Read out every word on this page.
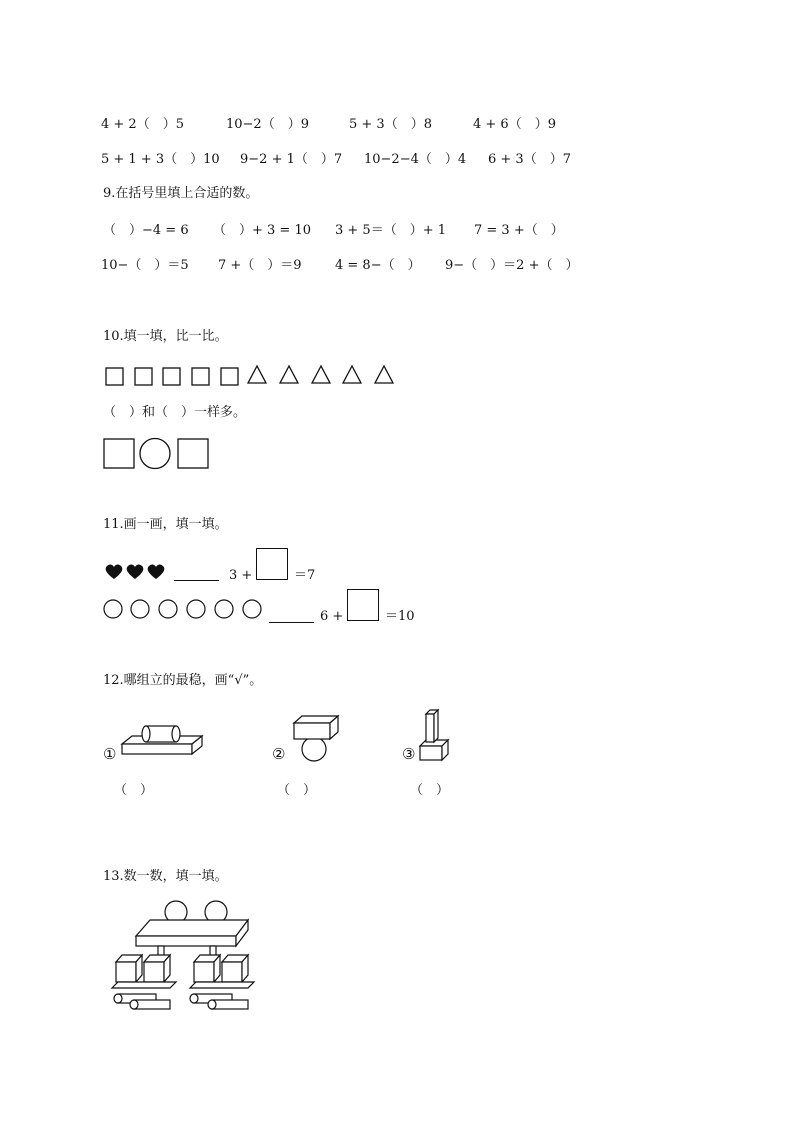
4 + 2（　）5	10−2（　）9	5 + 3（　）8	4 + 6（　）9
5 + 1 + 3（　）10 9−2 + 1（　）7 10−2−4（　）4 6 + 3（　）7
9.在括号里填上合适的数。
（　）−4 = 6 （　）+ 3 = 10 3 + 5＝（　）+ 1 7 = 3 +（　）
10−（　）＝5 7 +（　）＝9	4 = 8−（　） 9−（　）＝2 +（　）
10.填一填，比一比。
（　）和（　）一样多。
11.画一画，填一填。
3 +	＝7
6 +	＝10
12.哪组立的最稳，画“√”。
①	②	③
（　）	（　）	（　）
13.数一数，填一填。
